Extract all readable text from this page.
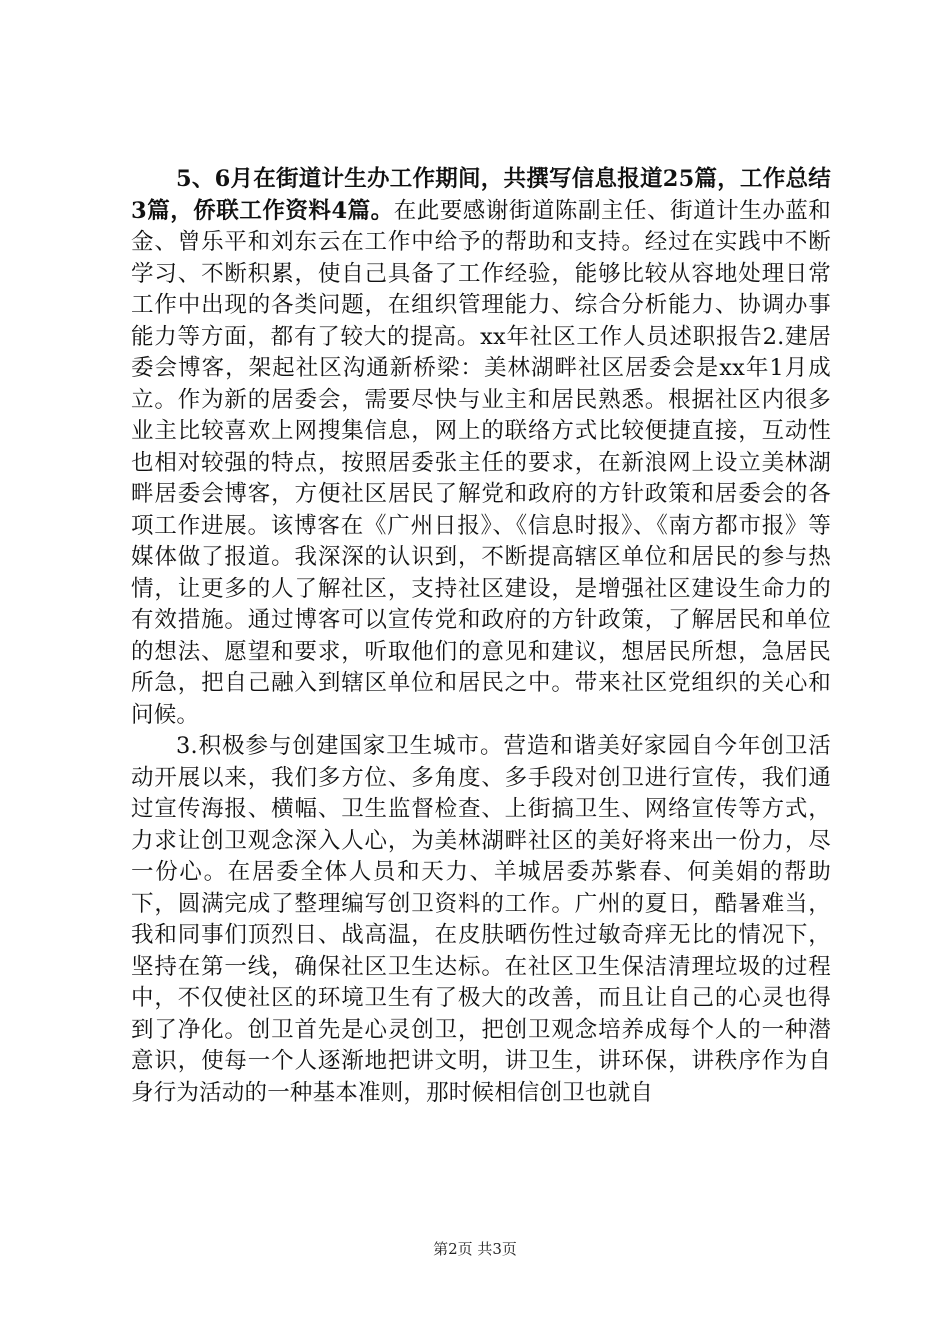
5、6月在街道计生办工作期间，共撰写信息报道25篇，工作总结3篇，侨联工作资料4篇。在此要感谢街道陈副主任、街道计生办蓝和金、曾乐平和刘东云在工作中给予的帮助和支持。经过在实践中不断学习、不断积累，使自己具备了工作经验，能够比较从容地处理日常工作中出现的各类问题，在组织管理能力、综合分析能力、协调办事能力等方面，都有了较大的提高。xx年社区工作人员述职报告2.建居委会博客，架起社区沟通新桥梁：美林湖畔社区居委会是xx年1月成立。作为新的居委会，需要尽快与业主和居民熟悉。根据社区内很多业主比较喜欢上网搜集信息，网上的联络方式比较便捷直接，互动性也相对较强的特点，按照居委张主任的要求，在新浪网上设立美林湖畔居委会博客，方便社区居民了解党和政府的方针政策和居委会的各项工作进展。该博客在《广州日报》、《信息时报》、《南方都市报》等媒体做了报道。我深深的认识到，不断提高辖区单位和居民的参与热情，让更多的人了解社区，支持社区建设，是增强社区建设生命力的有效措施。通过博客可以宣传党和政府的方针政策，了解居民和单位的想法、愿望和要求，听取他们的意见和建议，想居民所想，急居民所急，把自己融入到辖区单位和居民之中。带来社区党组织的关心和问候。

3.积极参与创建国家卫生城市。营造和谐美好家园自今年创卫活动开展以来，我们多方位、多角度、多手段对创卫进行宣传，我们通过宣传海报、横幅、卫生监督检查、上街搞卫生、网络宣传等方式，力求让创卫观念深入人心，为美林湖畔社区的美好将来出一份力，尽一份心。在居委全体人员和天力、羊城居委苏紫春、何美娟的帮助下，圆满完成了整理编写创卫资料的工作。广州的夏日，酷暑难当，我和同事们顶烈日、战高温，在皮肤晒伤性过敏奇痒无比的情况下，坚持在第一线，确保社区卫生达标。在社区卫生保洁清理垃圾的过程中，不仅使社区的环境卫生有了极大的改善，而且让自己的心灵也得到了净化。创卫首先是心灵创卫，把创卫观念培养成每个人的一种潜意识，使每一个人逐渐地把讲文明，讲卫生，讲环保，讲秩序作为自身行为活动的一种基本准则，那时候相信创卫也就自

第2页 共3页
